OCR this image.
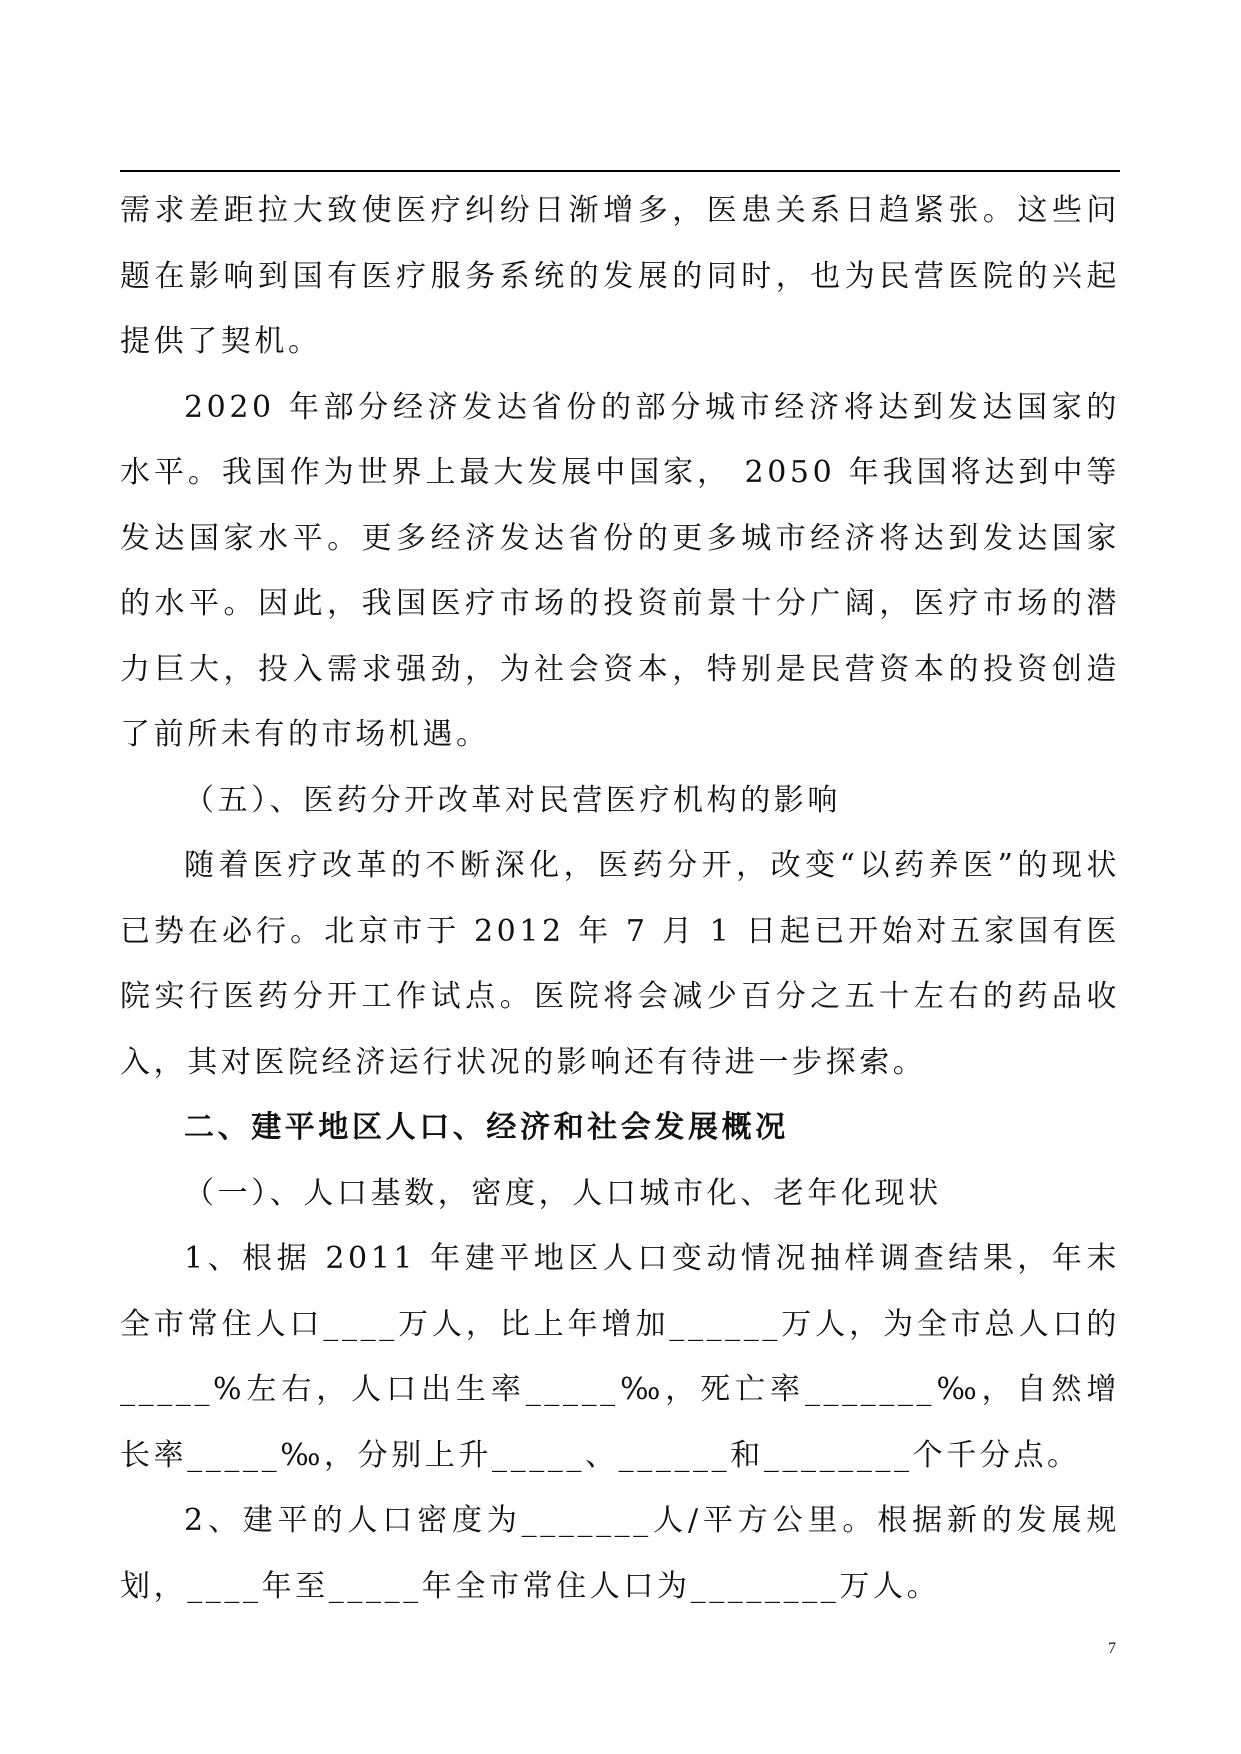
需求差距拉大致使医疗纠纷日渐增多，医患关系日趋紧张。这些问题在影响到国有医疗服务系统的发展的同时，也为民营医院的兴起提供了契机。

2020 年部分经济发达省份的部分城市经济将达到发达国家的水平。我国作为世界上最大发展中国家， 2050 年我国将达到中等发达国家水平。更多经济发达省份的更多城市经济将达到发达国家的水平。因此，我国医疗市场的投资前景十分广阔，医疗市场的潜力巨大，投入需求强劲，为社会资本，特别是民营资本的投资创造了前所未有的市场机遇。

（五）、医药分开改革对民营医疗机构的影响

随着医疗改革的不断深化，医药分开，改变“以药养医”的现状已势在必行。北京市于 2012 年 7 月 1 日起已开始对五家国有医院实行医药分开工作试点。医院将会减少百分之五十左右的药品收入，其对医院经济运行状况的影响还有待进一步探索。

二、建平地区人口、经济和社会发展概况

（一）、人口基数，密度，人口城市化、老年化现状

1、根据 2011 年建平地区人口变动情况抽样调查结果，年末全市常住人口____万人，比上年增加______万人，为全市总人口的_____%左右，人口出生率_____‰，死亡率_______‰，自然增长率_____‰，分别上升_____、______和________个千分点。

2、建平的人口密度为_______人/平方公里。根据新的发展规划，____年至_____年全市常住人口为________万人。

7
